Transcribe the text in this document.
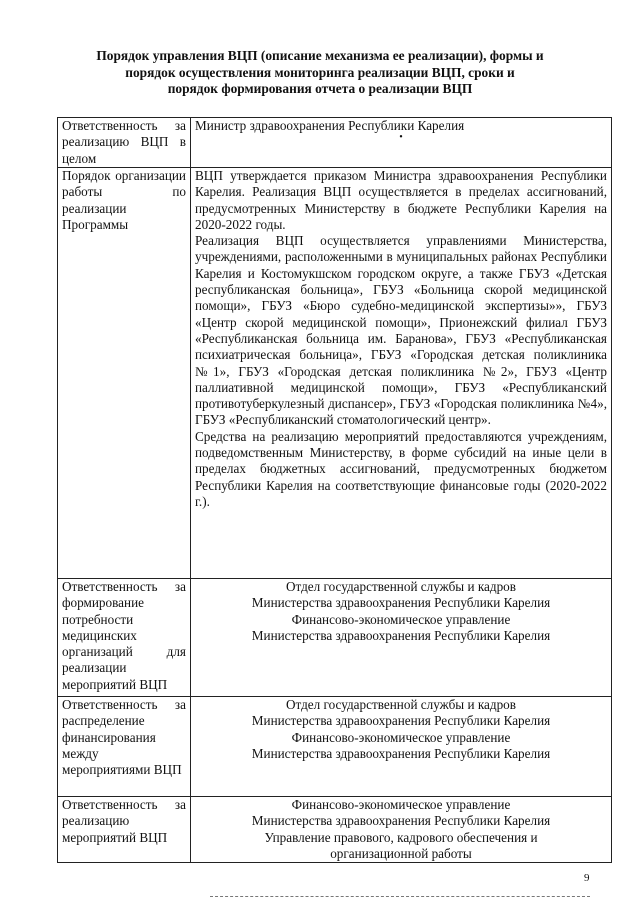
Порядок управления ВЦП (описание механизма ее реализации), формы и
порядок осуществления мониторинга реализации ВЦП, сроки и
порядок формирования отчета о реализации ВЦП
Ответственность за реализацию ВЦП в целом	Министр здравоохранения Республики Карелия
•

Порядок организации работы по реализации Программы	ВЦП утверждается приказом Министра здравоохранения Республики Карелия. Реализация ВЦП осуществляется в пределах ассигнований, предусмотренных Министерству в бюджете Республики Карелия на 2020-2022 годы.

Реализация ВЦП осуществляется управлениями Министерства, учреждениями, расположенными в муниципальных районах Республики Карелия и Костомукшском городском округе, а также ГБУЗ «Детская республиканская больница», ГБУЗ «Больница скорой медицинской помощи», ГБУЗ «Бюро судебно-медицинской экспертизы»», ГБУЗ «Центр скорой медицинской помощи», Прионежский филиал ГБУЗ «Республиканская больница им. Баранова», ГБУЗ «Республиканская психиатрическая больница», ГБУЗ «Городская детская поликлиника №1», ГБУЗ «Городская детская поликлиника №2», ГБУЗ «Центр паллиативной медицинской помощи», ГБУЗ «Республиканский противотуберкулезный диспансер», ГБУЗ «Городская поликлиника №4», ГБУЗ «Республиканский стоматологический центр».

Средства на реализацию мероприятий предоставляются учреждениям, подведомственным Министерству, в форме субсидий на иные цели в пределах бюджетных ассигнований, предусмотренных бюджетом Республики Карелия на соответствующие финансовые годы (2020-2022 г.).

Ответственность за формирование потребности медицинских организаций для реализации мероприятий ВЦП	Отдел государственной службы и кадров
Министерства здравоохранения Республики Карелия
Финансово-экономическое управление
Министерства здравоохранения Республики Карелия

Ответственность за распределение финансирования между мероприятиями ВЦП	Отдел государственной службы и кадров
Министерства здравоохранения Республики Карелия
Финансово-экономическое управление
Министерства здравоохранения Республики Карелия

Ответственность за реализацию мероприятий ВЦП	Финансово-экономическое управление
Министерства здравоохранения Республики Карелия
Управление правового, кадрового обеспечения и
организационной работы
9
